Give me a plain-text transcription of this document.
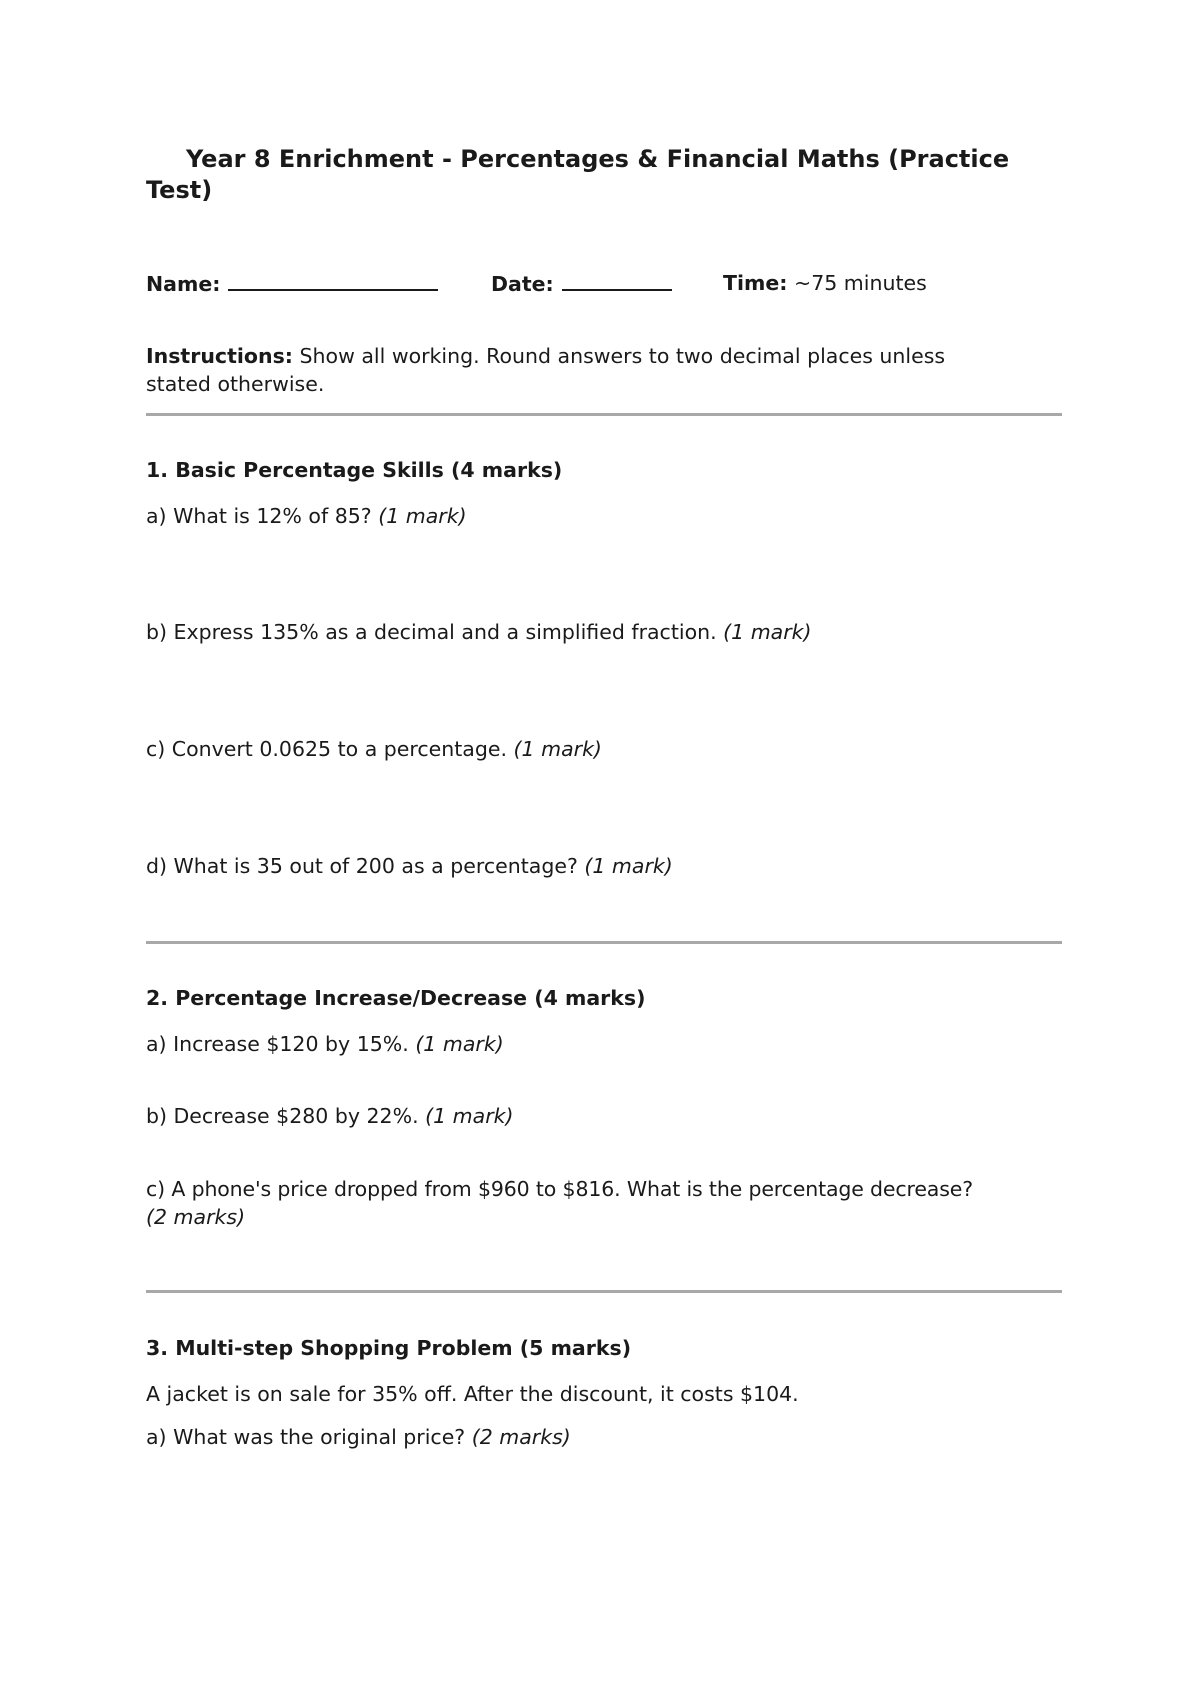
Year 8 Enrichment - Percentages & Financial Maths (Practice
Test)
Name:	Date:	Time: ~75 minutes
Instructions: Show all working. Round answers to two decimal places unless
stated otherwise.
1. Basic Percentage Skills (4 marks)
a) What is 12% of 85? (1 mark)
b) Express 135% as a decimal and a simplified fraction. (1 mark)
c) Convert 0.0625 to a percentage. (1 mark)
d) What is 35 out of 200 as a percentage? (1 mark)
2. Percentage Increase/Decrease (4 marks)
a) Increase $120 by 15%. (1 mark)
b) Decrease $280 by 22%. (1 mark)
c) A phone's price dropped from $960 to $816. What is the percentage decrease?
(2 marks)
3. Multi-step Shopping Problem (5 marks)
A jacket is on sale for 35% off. After the discount, it costs $104.
a) What was the original price? (2 marks)
